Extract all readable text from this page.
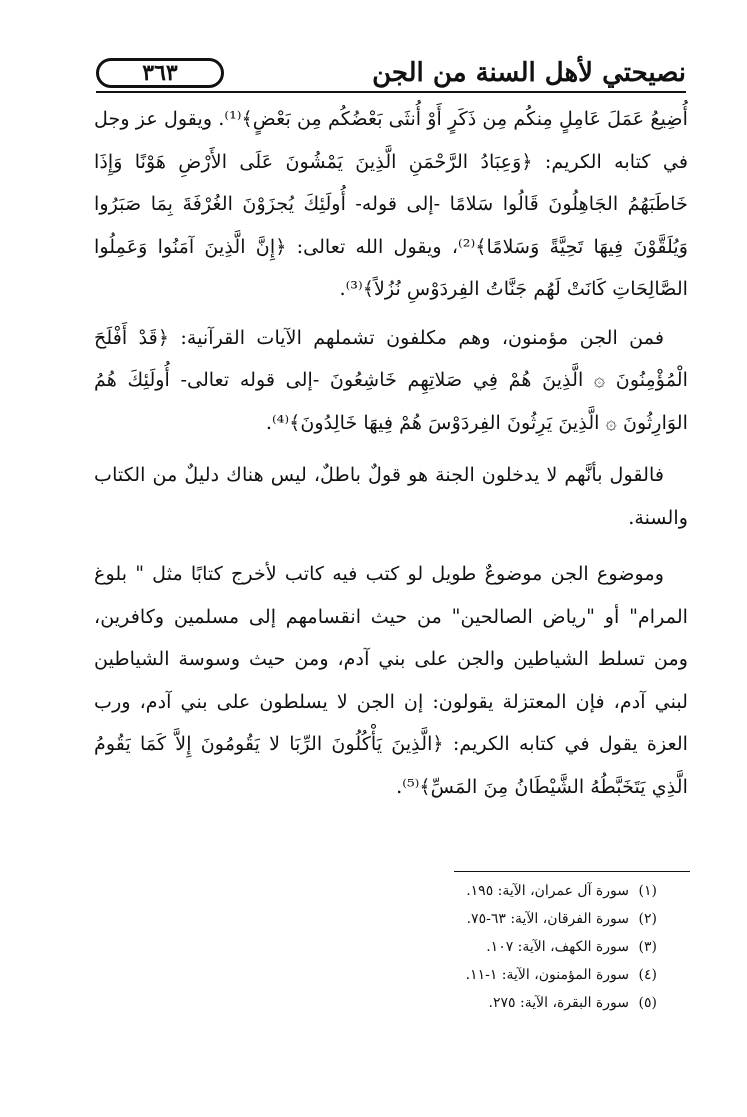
نصيحتي لأهل السنة من الجن
٣٦٣

أُضِيعُ عَمَلَ عَامِلٍ مِنكُم مِن ذَكَرٍ أَوْ أُنثَى بَعْضُكُم مِن بَعْضٍ﴾⁽¹⁾. ويقول عز وجل في كتابه الكريم: ﴿وَعِبَادُ الرَّحْمَنِ الَّذِينَ يَمْشُونَ عَلَى الأَرْضِ هَوْنًا وَإِذَا خَاطَبَهُمُ الجَاهِلُونَ قَالُوا سَلامًا -إلى قوله- أُولَئِكَ يُجزَوْنَ الغُرْفَةَ بِمَا صَبَرُوا وَيُلَقَّوْنَ فِيهَا تَحِيَّةً وَسَلامًا﴾⁽²⁾، ويقول الله تعالى: ﴿إِنَّ الَّذِينَ آمَنُوا وَعَمِلُوا الصَّالِحَاتِ كَانَتْ لَهُم جَنَّاتُ الفِردَوْسِ نُزُلاً﴾⁽³⁾.

فمن الجن مؤمنون، وهم مكلفون تشملهم الآيات القرآنية: ﴿قَدْ أَفْلَحَ الْمُؤْمِنُونَ ۞ الَّذِينَ هُمْ فِي صَلاتِهِم خَاشِعُونَ -إلى قوله تعالى- أُولَئِكَ هُمُ الوَارِثُونَ ۞ الَّذِينَ يَرِثُونَ الفِردَوْسَ هُمْ فِيهَا خَالِدُونَ﴾⁽⁴⁾.

فالقول بأنَّهم لا يدخلون الجنة هو قولٌ باطلٌ، ليس هناك دليلٌ من الكتاب والسنة.

وموضوع الجن موضوعٌ طويل لو كتب فيه كاتب لأخرج كتابًا مثل " بلوغ المرام" أو "رياض الصالحين" من حيث انقسامهم إلى مسلمين وكافرين، ومن تسلط الشياطين والجن على بني آدم، ومن حيث وسوسة الشياطين لبني آدم، فإن المعتزلة يقولون: إن الجن لا يسلطون على بني آدم، ورب العزة يقول في كتابه الكريم: ﴿الَّذِينَ يَأْكُلُونَ الرِّبَا لا يَقُومُونَ إِلاَّ كَمَا يَقُومُ الَّذِي يَتَخَبَّطُهُ الشَّيْطَانُ مِنَ المَسِّ﴾⁽⁵⁾.

(١)سورة آل عمران، الآية: ١٩٥.
(٢)سورة الفرقان، الآية: ٦٣-٧٥.
(٣)سورة الكهف، الآية: ١٠٧.
(٤)سورة المؤمنون، الآية: ١-١١.
(٥)سورة البقرة، الآية: ٢٧٥.
